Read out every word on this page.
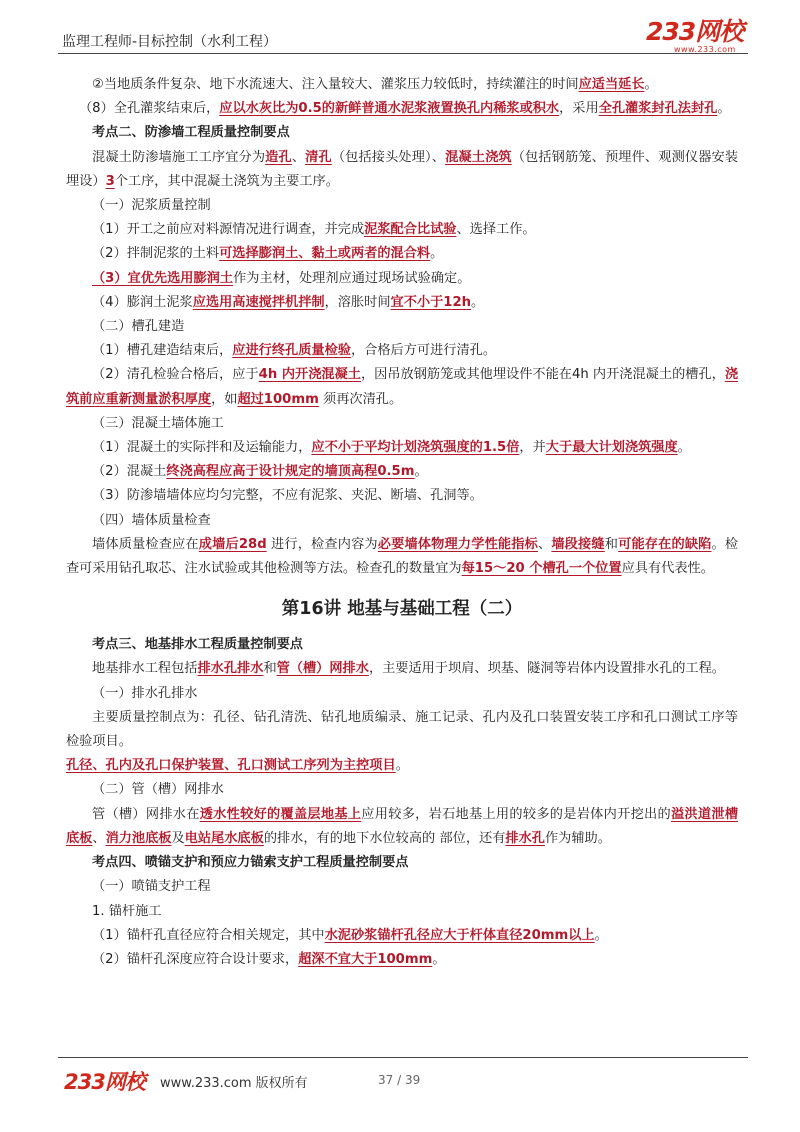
监理工程师-目标控制（水利工程）	233网校
www.233.com

②当地质条件复杂、地下水流速大、注入量较大、灌浆压力较低时，持续灌注的时间应适当延长。

（8）全孔灌浆结束后，应以水灰比为0.5的新鲜普通水泥浆液置换孔内稀浆或积水，采用全孔灌浆封孔法封孔。

考点二、防渗墙工程质量控制要点

混凝土防渗墙施工工序宜分为造孔、清孔（包括接头处理）、混凝土浇筑（包括钢筋笼、预埋件、观测仪器安装埋设）3个工序，其中混凝土浇筑为主要工序。

（一）泥浆质量控制

（1）开工之前应对料源情况进行调查，并完成泥浆配合比试验、选择工作。

（2）拌制泥浆的土料可选择膨润土、黏土或两者的混合料。

（3）宜优先选用膨润土作为主材，处理剂应通过现场试验确定。

（4）膨润土泥浆应选用高速搅拌机拌制，溶胀时间宜不小于12h。

（二）槽孔建造

（1）槽孔建造结束后，应进行终孔质量检验，合格后方可进行清孔。

（2）清孔检验合格后，应于4h 内开浇混凝土，因吊放钢筋笼或其他埋设件不能在4h 内开浇混凝土的槽孔，浇筑前应重新测量淤积厚度，如超过100mm 须再次清孔。

（三）混凝土墙体施工

（1）混凝土的实际拌和及运输能力，应不小于平均计划浇筑强度的1.5倍，并大于最大计划浇筑强度。

（2）混凝土终浇高程应高于设计规定的墙顶高程0.5m。

（3）防渗墙墙体应均匀完整，不应有泥浆、夹泥、断墙、孔洞等。

（四）墙体质量检查

墙体质量检查应在成墙后28d 进行，检查内容为必要墙体物理力学性能指标、墙段接缝和可能存在的缺陷。检查可采用钻孔取芯、注水试验或其他检测等方法。检查孔的数量宜为每15～20 个槽孔一个位置应具有代表性。

第16讲 地基与基础工程（二）

考点三、地基排水工程质量控制要点

地基排水工程包括排水孔排水和管（槽）网排水，主要适用于坝肩、坝基、隧洞等岩体内设置排水孔的工程。

（一）排水孔排水

主要质量控制点为：孔径、钻孔清洗、钻孔地质编录、施工记录、孔内及孔口装置安装工序和孔口测试工序等检验项目。

孔径、孔内及孔口保护装置、孔口测试工序列为主控项目。

（二）管（槽）网排水

管（槽）网排水在透水性较好的覆盖层地基上应用较多，岩石地基上用的较多的是岩体内开挖出的溢洪道泄槽底板、消力池底板及电站尾水底板的排水，有的地下水位较高的 部位，还有排水孔作为辅助。

考点四、喷锚支护和预应力锚索支护工程质量控制要点

（一）喷锚支护工程

1. 锚杆施工

（1）锚杆孔直径应符合相关规定，其中水泥砂浆锚杆孔径应大于杆体直径20mm以上。

（2）锚杆孔深度应符合设计要求，超深不宜大于100mm。

233网校 www.233.com 版权所有	37 / 39
